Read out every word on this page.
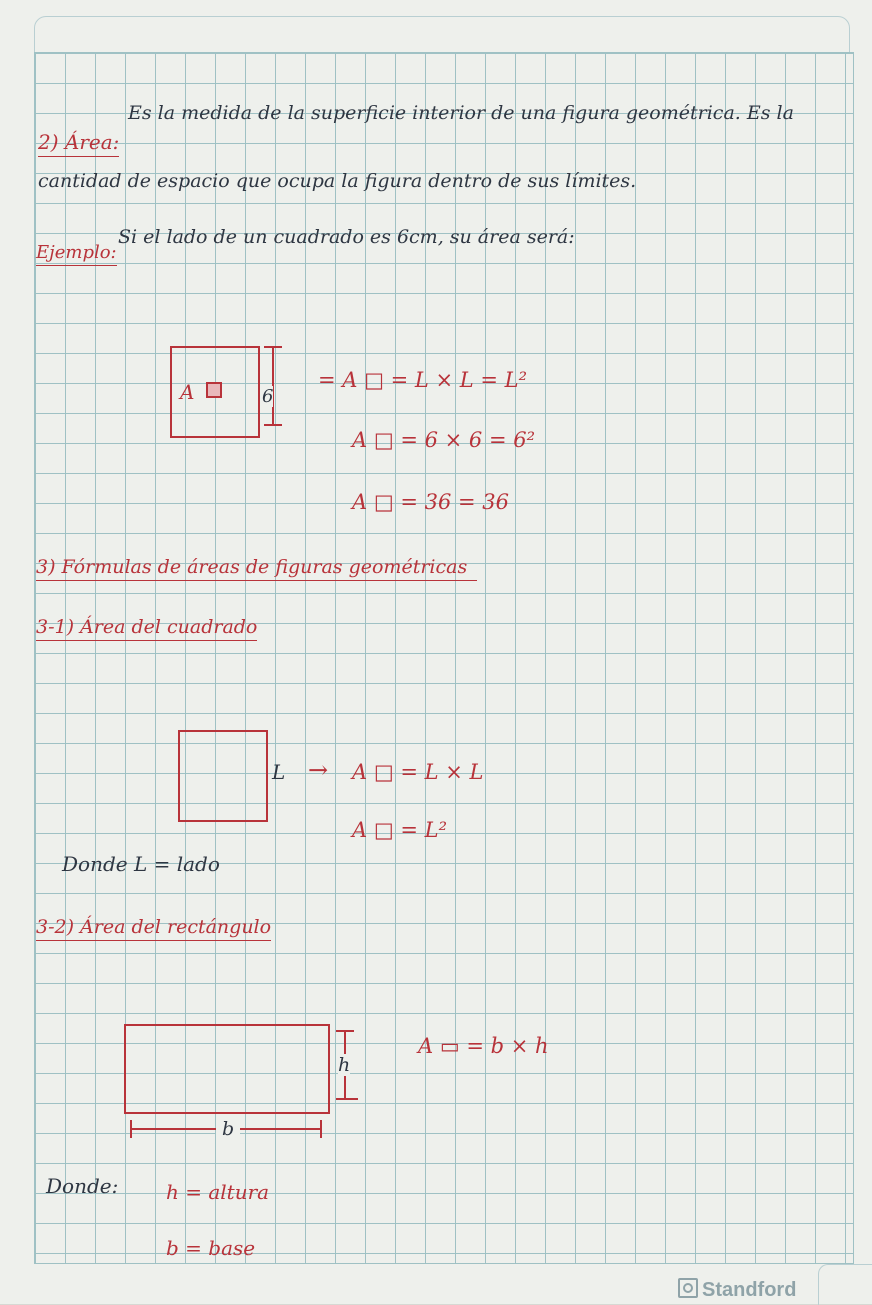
2) Área:
Es la medida de la superficie interior de una figura geométrica. Es la
cantidad de espacio que ocupa la figura dentro de sus límites.
Ejemplo:
Si el lado de un cuadrado es 6cm, su área será:
A	6
= A □ = L × L = L²
A □ = 6 × 6 = 6²
A □ = 36 = 36
3) Fórmulas de áreas de figuras geométricas
3-1) Área del cuadrado
L → A □ = L × L
A □ = L²
Donde L = lado
3-2) Área del rectángulo
h
b
A ▭ = b × h
Donde: h = altura
b = base
Standford
